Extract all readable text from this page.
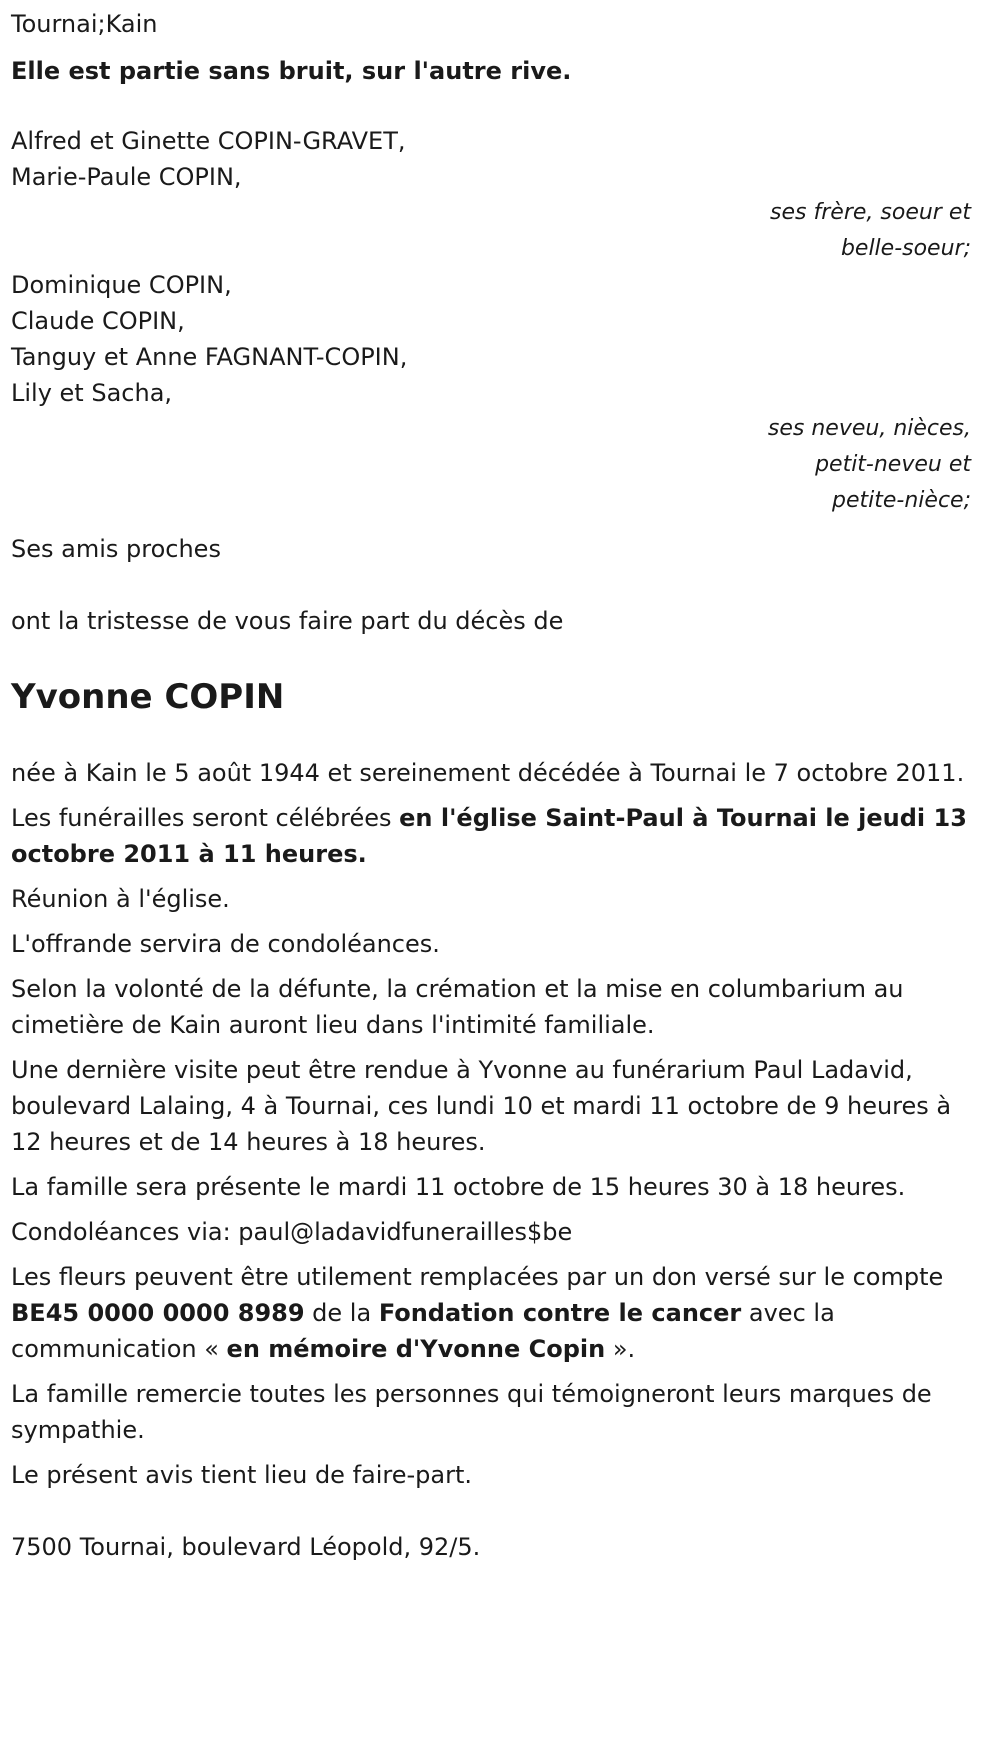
Tournai;Kain

Elle est partie sans bruit, sur l'autre rive.

Alfred et Ginette COPIN-GRAVET,

Marie-Paule COPIN,

ses frère, soeur et
belle-soeur;

Dominique COPIN,

Claude COPIN,

Tanguy et Anne FAGNANT-COPIN,

Lily et Sacha,

ses neveu, nièces,
petit-neveu et
petite-nièce;

Ses amis proches

ont la tristesse de vous faire part du décès de

Yvonne COPIN

née à Kain le 5 août 1944 et sereinement décédée à Tournai le 7 octobre 2011.

Les funérailles seront célébrées en l'église Saint-Paul à Tournai le jeudi 13 octobre 2011 à 11 heures.

Réunion à l'église.

L'offrande servira de condoléances.

Selon la volonté de la défunte, la crémation et la mise en columbarium au cimetière de Kain auront lieu dans l'intimité familiale.

Une dernière visite peut être rendue à Yvonne au funérarium Paul Ladavid, boulevard Lalaing, 4 à Tournai, ces lundi 10 et mardi 11 octobre de 9 heures à 12 heures et de 14 heures à 18 heures.

La famille sera présente le mardi 11 octobre de 15 heures 30 à 18 heures.

Condoléances via: paul@ladavidfunerailles$be

Les fleurs peuvent être utilement remplacées par un don versé sur le compte BE45 0000 0000 8989 de la Fondation contre le cancer avec la communication « en mémoire d'Yvonne Copin ».

La famille remercie toutes les personnes qui témoigneront leurs marques de sympathie.

Le présent avis tient lieu de faire-part.

7500 Tournai, boulevard Léopold, 92/5.
